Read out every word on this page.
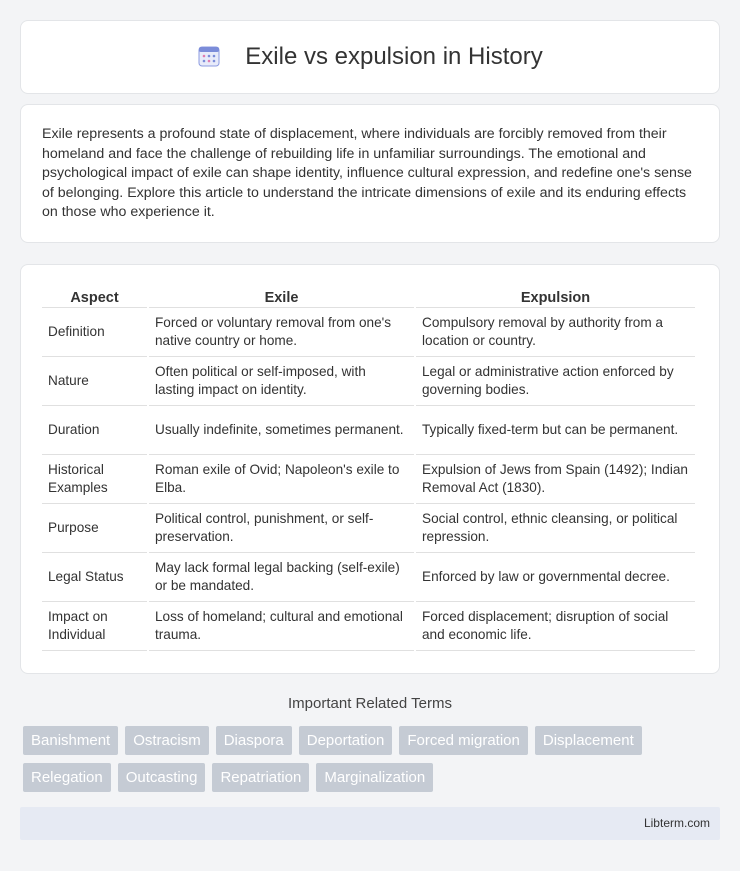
Exile vs expulsion in History

Exile represents a profound state of displacement, where individuals are forcibly removed from their homeland and face the challenge of rebuilding life in unfamiliar surroundings. The emotional and psychological impact of exile can shape identity, influence cultural expression, and redefine one's sense of belonging. Explore this article to understand the intricate dimensions of exile and its enduring effects on those who experience it.

Aspect	Exile	Expulsion
Definition	Forced or voluntary removal from one's native country or home.	Compulsory removal by authority from a location or country.
Nature	Often political or self-imposed, with lasting impact on identity.	Legal or administrative action enforced by governing bodies.
Duration	Usually indefinite, sometimes permanent.	Typically fixed-term but can be permanent.
Historical Examples	Roman exile of Ovid; Napoleon's exile to Elba.	Expulsion of Jews from Spain (1492); Indian Removal Act (1830).
Purpose	Political control, punishment, or self-preservation.	Social control, ethnic cleansing, or political repression.
Legal Status	May lack formal legal backing (self-exile) or be mandated.	Enforced by law or governmental decree.
Impact on Individual	Loss of homeland; cultural and emotional trauma.	Forced displacement; disruption of social and economic life.
Important Related Terms
Banishment	Ostracism	Diaspora	Deportation	Forced migration	Displacement
Relegation	Outcasting	Repatriation	Marginalization
Libterm.com
